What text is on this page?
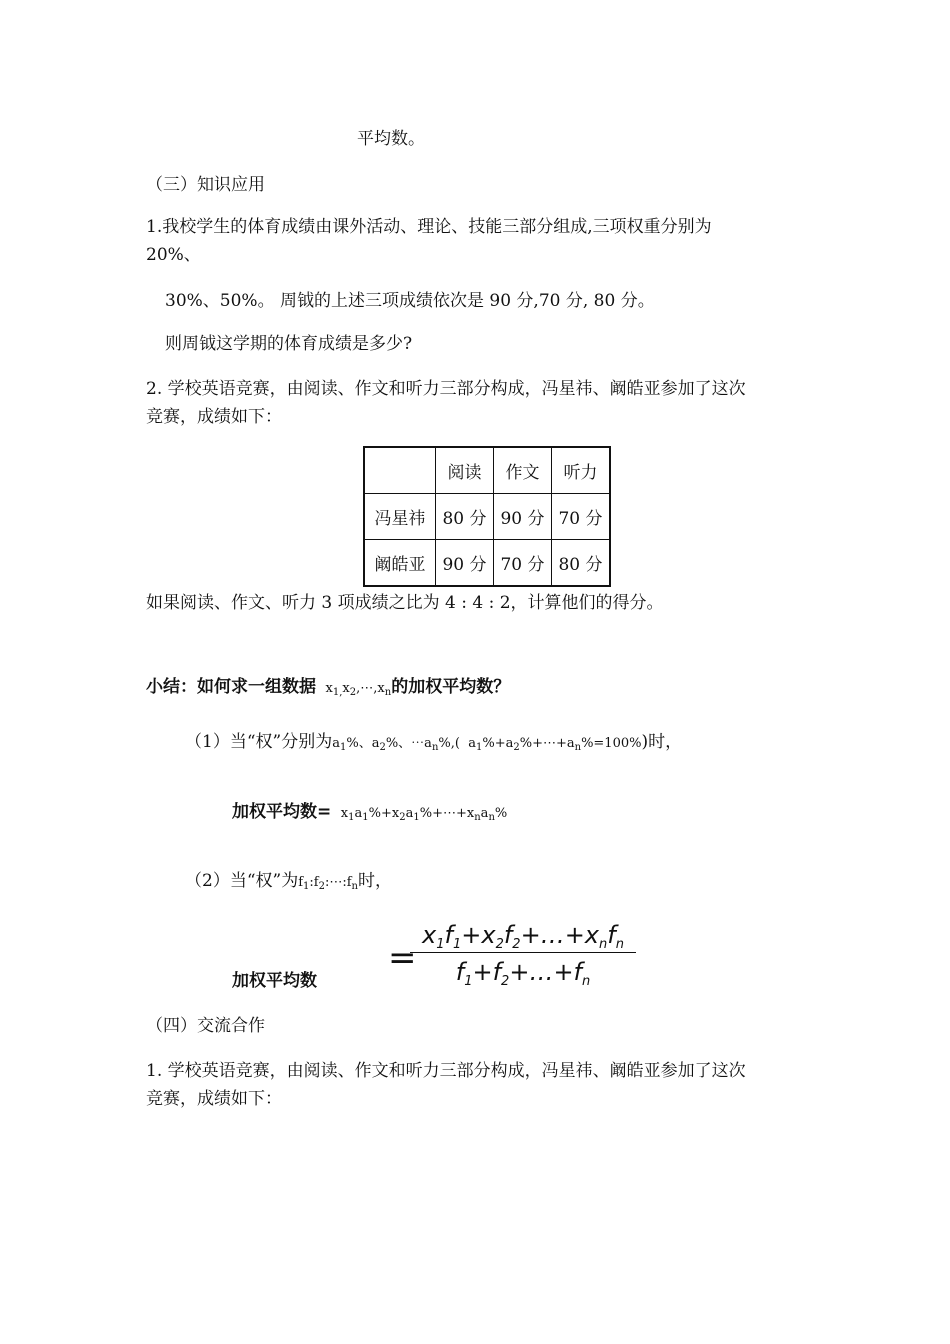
平均数。
（三）知识应用
1.我校学生的体育成绩由课外活动、理论、技能三部分组成,三项权重分别为
20%、
30%、50%。 周钺的上述三项成绩依次是 90 分,70 分, 80 分。
则周钺这学期的体育成绩是多少?
2. 学校英语竞赛，由阅读、作文和听力三部分构成，冯星祎、阚皓亚参加了这次
竞赛，成绩如下：
	阅读	作文	听力
冯星祎	80 分	90 分	70 分
阚皓亚	90 分	70 分	80 分
如果阅读、作文、听力 3 项成绩之比为 4 : 4 : 2，计算他们的得分。
小结：如何求一组数据  $x_{1,}x_2,\cdots,x_n$的加权平均数？
（1）当“权”分别为$a_1\%$、$a_2\%$、$\cdots a_n\%$,(  $a_1\%+a_2\%+\cdots+a_n\%=100\%$)时，
加权平均数=  $x_1a_1\%+x_2a_1\%+\cdots+x_na_n\%$
（2）当“权”为$f_1:f_2:\cdots:f_n$时，
加权平均数
=
$x_1f_1+x_2f_2+\dots+x_nf_n$
$f_1+f_2+\dots+f_n$
（四）交流合作
1. 学校英语竞赛，由阅读、作文和听力三部分构成，冯星祎、阚皓亚参加了这次
竞赛，成绩如下：
